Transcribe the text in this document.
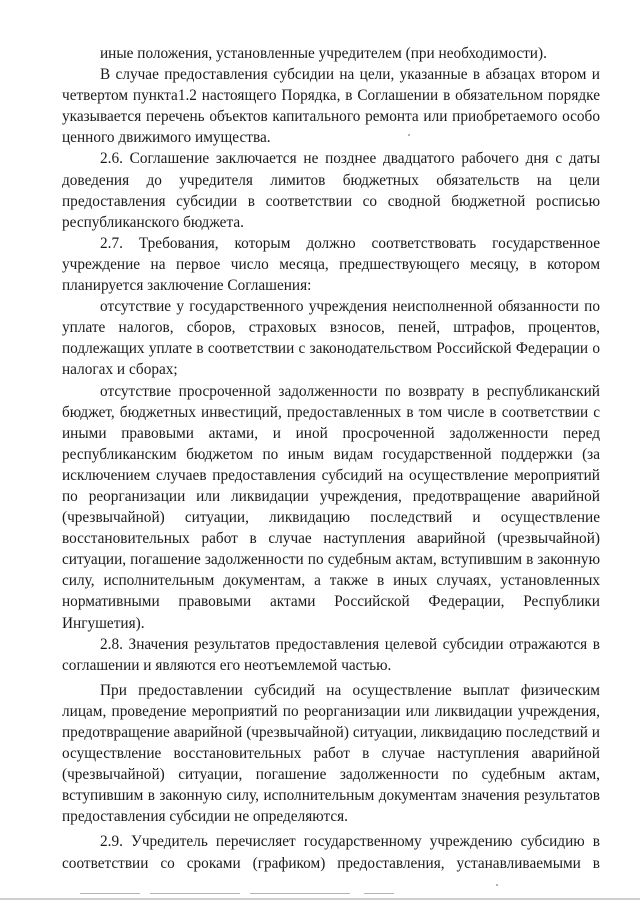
иные положения, установленные учредителем (при необходимости).

В случае предоставления субсидии на цели, указанные в абзацах втором и четвертом пункта1.2 настоящего Порядка, в Соглашении в обязательном порядке указывается перечень объектов капитального ремонта или приобретаемого особо ценного движимого имущества.

2.6. Соглашение заключается не позднее двадцатого рабочего дня с даты доведения до учредителя лимитов бюджетных обязательств на цели предоставления субсидии в соответствии со сводной бюджетной росписью республиканского бюджета.

2.7. Требования, которым должно соответствовать государственное учреждение на первое число месяца, предшествующего месяцу, в котором планируется заключение Соглашения:

отсутствие у государственного учреждения неисполненной обязанности по уплате налогов, сборов, страховых взносов, пеней, штрафов, процентов, подлежащих уплате в соответствии с законодательством Российской Федерации о налогах и сборах;

отсутствие просроченной задолженности по возврату в республиканский бюджет, бюджетных инвестиций, предоставленных в том числе в соответствии с иными правовыми актами, и иной просроченной задолженности перед республиканским бюджетом по иным видам государственной поддержки (за исключением случаев предоставления субсидий на осуществление мероприятий по реорганизации или ликвидации учреждения, предотвращение аварийной (чрезвычайной) ситуации, ликвидацию последствий и осуществление восстановительных работ в случае наступления аварийной (чрезвычайной) ситуации, погашение задолженности по судебным актам, вступившим в законную силу, исполнительным документам, а также в иных случаях, установленных нормативными правовыми актами Российской Федерации, Республики Ингушетия).

2.8. Значения результатов предоставления целевой субсидии отражаются в соглашении и являются его неотъемлемой частью.

При предоставлении субсидий на осуществление выплат физическим лицам, проведение мероприятий по реорганизации или ликвидации учреждения, предотвращение аварийной (чрезвычайной) ситуации, ликвидацию последствий и осуществление восстановительных работ в случае наступления аварийной (чрезвычайной) ситуации, погашение задолженности по судебным актам, вступившим в законную силу, исполнительным документам значения результатов предоставления субсидии не определяются.

2.9. Учредитель перечисляет государственному учреждению субсидию в соответствии со сроками (графиком) предоставления, устанавливаемыми в
